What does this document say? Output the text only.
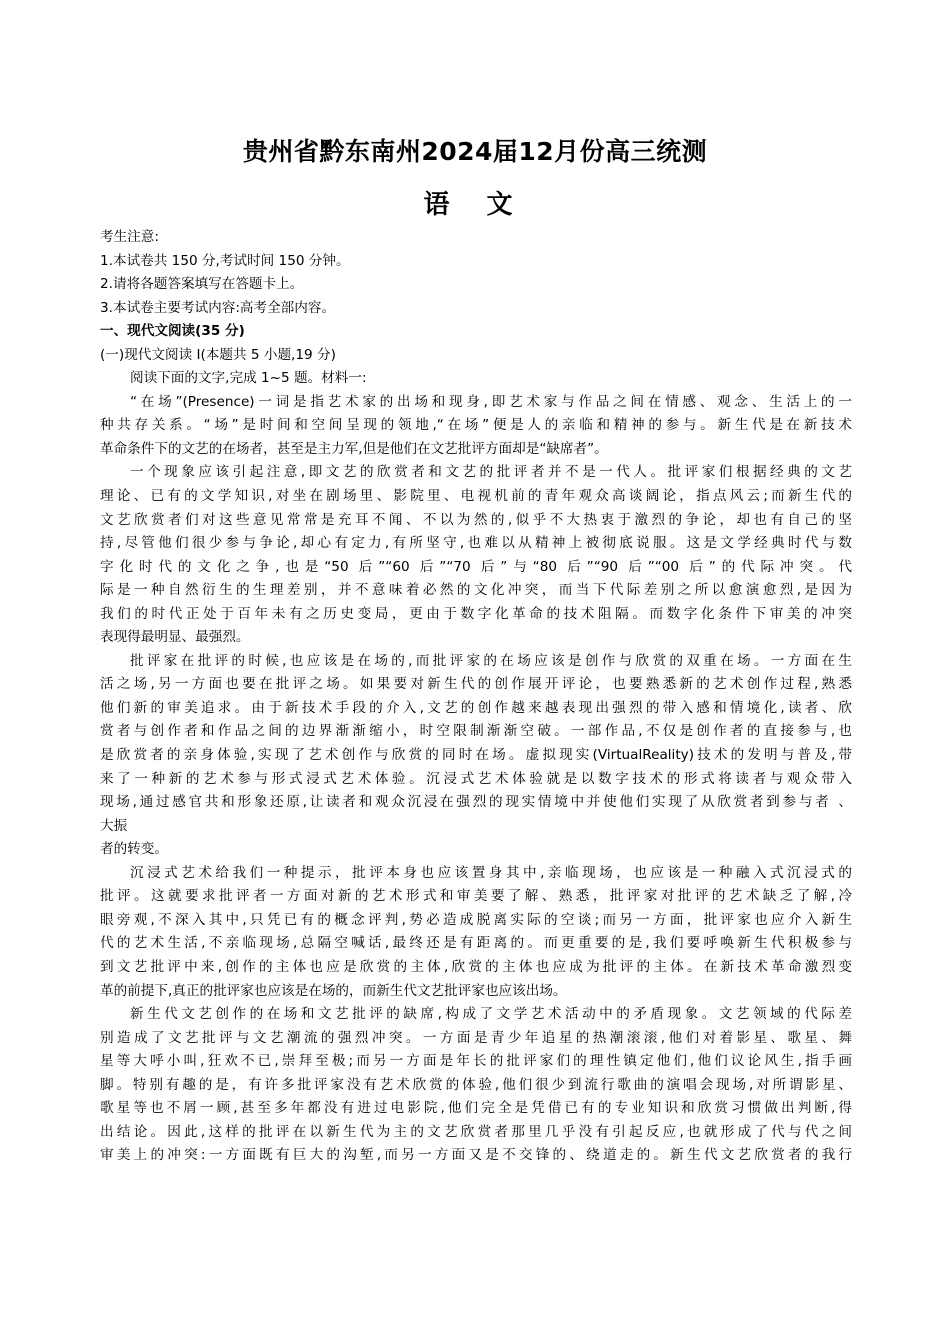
贵州省黔东南州2024届12月份高三统测
语 文
考生注意:
1.本试卷共 150 分,考试时间 150 分钟。
2.请将各题答案填写在答题卡上。
3.本试卷主要考试内容:高考全部内容。
一、现代文阅读(35 分)
(一)现代文阅读 I(本题共 5 小题,19 分)
阅读下面的文字,完成 1~5 题。材料一:
“在场”(Presence)一词是指艺术家的出场和现身,即艺术家与作品之间在情感、观念、生活上的一
种共存关系。“场”是时间和空间呈现的领地,“在场”便是人的亲临和精神的参与。新生代是在新技术
革命条件下的文艺的在场者，甚至是主力军,但是他们在文艺批评方面却是“缺席者”。
一个现象应该引起注意,即文艺的欣赏者和文艺的批评者并不是一代人。批评家们根据经典的文艺
理论、已有的文学知识,对坐在剧场里、影院里、电视机前的青年观众高谈阔论，指点风云;而新生代的
文艺欣赏者们对这些意见常常是充耳不闻、不以为然的,似乎不大热衷于激烈的争论，却也有自己的坚
持,尽管他们很少参与争论,却心有定力,有所坚守,也难以从精神上被彻底说服。这是文学经典时代与数
字化时代的文化之争,也是“50 后”“60 后”“70 后”与“80 后”“90 后”“00 后”的代际冲突。代
际是一种自然衍生的生理差别，并不意味着必然的文化冲突，而当下代际差别之所以愈演愈烈,是因为
我们的时代正处于百年未有之历史变局，更由于数字化革命的技术阻隔。而数字化条件下审美的冲突
表现得最明显、最强烈。
批评家在批评的时候,也应该是在场的,而批评家的在场应该是创作与欣赏的双重在场。一方面在生
活之场,另一方面也要在批评之场。如果要对新生代的创作展开评论，也要熟悉新的艺术创作过程,熟悉
他们新的审美追求。由于新技术手段的介入,文艺的创作越来越表现出强烈的带入感和情境化,读者、欣
赏者与创作者和作品之间的边界渐渐缩小，时空限制渐渐空破。一部作品,不仅是创作者的直接参与,也
是欣赏者的亲身体验,实现了艺术创作与欣赏的同时在场。虚拟现实(VirtualReality)技术的发明与普及,带
来了一种新的艺术参与形式浸式艺术体验。沉浸式艺术体验就是以数字技术的形式将读者与观众带入
现场,通过感官共和形象还原,让读者和观众沉浸在强烈的现实情境中并使他们实现了从欣赏者到参与者 、
大振
者的转变。
沉浸式艺术给我们一种提示，批评本身也应该置身其中,亲临现场，也应该是一种融入式沉浸式的
批评。这就要求批评者一方面对新的艺术形式和审美要了解、熟悉，批评家对批评的艺术缺乏了解,冷
眼旁观,不深入其中,只凭已有的概念评判,势必造成脱离实际的空谈;而另一方面，批评家也应介入新生
代的艺术生活,不亲临现场,总隔空喊话,最终还是有距离的。而更重要的是,我们要呼唤新生代积极参与
到文艺批评中来,创作的主体也应是欣赏的主体,欣赏的主体也应成为批评的主体。在新技术革命激烈变
革的前提下,真正的批评家也应该是在场的，而新生代文艺批评家也应该出场。
新生代文艺创作的在场和文艺批评的缺席,构成了文学艺术活动中的矛盾现象。文艺领域的代际差
别造成了文艺批评与文艺潮流的强烈冲突。一方面是青少年追星的热潮滚滚,他们对着影星、歌星、舞
星等大呼小叫,狂欢不已,崇拜至极;而另一方面是年长的批评家们的理性镇定他们,他们议论风生,指手画
脚。特别有趣的是，有许多批评家没有艺术欣赏的体验,他们很少到流行歌曲的演唱会现场,对所谓影星、
歌星等也不屑一顾,甚至多年都没有进过电影院,他们完全是凭借已有的专业知识和欣赏习惯做出判断,得
出结论。因此,这样的批评在以新生代为主的文艺欣赏者那里几乎没有引起反应,也就形成了代与代之间
审美上的冲突:一方面既有巨大的沟堑,而另一方面又是不交锋的、绕道走的。新生代文艺欣赏者的我行
